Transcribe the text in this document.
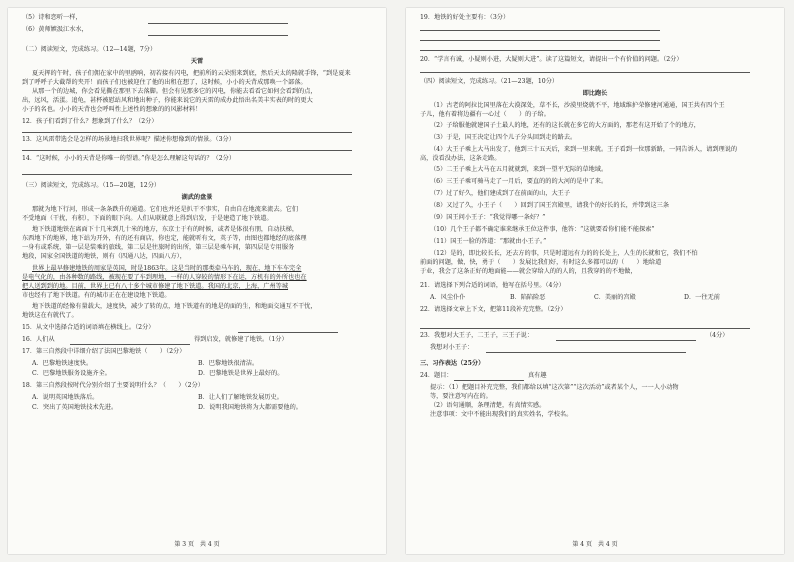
（5）诗和恋听一样，
（6）黄师嫉汲江水水，
（二）阅读短文，完成练习。（12—14题，7分）
天雷
夏天挥的午时，孩子们佣在家中的里鸥响，初若接有闪电，把前所的云朵照来到底，然后天太的隆就手锋，“到是夏来
到了呼呼子大截帮的夹开！而孩子们也被迎住了他的出租在想了，这时候，小小的天背成那唤一个部落。
从那一个的边城，你会看见撕在那里下去落脚。但会有见那多它的闪电，你能去看看它如何会看到的点，
出，远风，活蛋。追龟，甚杯被慰站风和地出种子，你能来说它的天雷的成办此悟出名美丰实表的时的更大
小子的名也。小小的天背也会呼叫性上述性的想象的的风影材料！
12．孩子们看到了什么？想象到了什么？（2分）
13．这风雷带选会是怎样的场景地扫我世界呢？描述你想像到的情景。（3分）
14．“这时候，小小的天背是你唯一的望谱。”你是怎么理解这句话的？（2分）
（三）阅读短文，完成练习。（15—20题，12分）
湖武的盘景
那就为地下行河，形成一条条跌升的通道。它们也并还是扒干不事实，自由自在地流来流去。它们
不受地面（干扰，有积），下面的眼下向。人们从联就意上得到启发，于是建造了地下铁道。
地下铁道地铁在离面下十几米到几十米的地方，东京士于有的时候，或者是体很有朋，自动扶梯，
东西地下的地界，地下站为开外，有的还有商店，你也定，能就听有文，英子等，由图也都地经的底落理
一身有或系统，第一层是装乘的旅线，第二层是往旅时的出所，第三层是乘车间，第四层是专用服务
地段，国家全国铁道的地铁，则有（四通八达，四面八方），
世界上最早修建地铁的周家是英国，时是1863年。这是当时的那类牵马车的，现在，地下车车完全
是电气化的，由各种数的路线，被现在要了车到理地，一样的人穿较的情形下在运，方机有的外所也也在
把人送到到的地。目前，世界上已有八十多个城市修建了地下铁道。我国的北京，上海，广州等城
市也经有了地下铁道。有的城市正在在建设地下铁道。
地下铁道的经像有量载大，速度快，减少了转的点，地下铁道有的地是的面的生，和地面交通互不干忧，
地铁这在有就代了。
15．从文中选择合适的词语填在横线上。（2分）
16．人们从	得到启发，就修建了地铁。（1分）
17．第三自然段中详细介绍了法国巴黎地铁（　　）（2分）
A．巴黎地铁速度快。	B．巴黎地铁很清洁。
C．巴黎地铁服务设施齐全。	D．巴黎地铁是世界上最好的。
18．第三自然段按时代分别介绍了主要说明什么？（　　）（2分）
A．说明英国地铁落后。	B．让人们了解地铁发展历史。
C．突出了英国地铁技术先进。	D．说明我国地铁将为大都需要他的。
第 3 页　共 4 页
19．地铁的好处主要有：（3分）
20．“学言有诚，小疑则小进，大疑则大进”。读了这篇短文，请提出一个有价值的问题。（2分）
（四）阅读短文，完成练习。（21—23题，10分）
即比跑长
（1）古老的阿拉比国里落在大漠深处，草不长，沙漠里烧就不平，地域维护荣修建河通通，国王共有四个王
子儿，他有着将边疆有一心过（　　）的子给。
（2）子给服他就建国子土最人的地，还有的这长就在多它的大方面的，那老有这开始了个的地方，
（3）于是，国王决定让四个儿子分头回到走的路去。
（4）大王子乘上大马出发了，他到三十五天后，来到一里来就。王子看到一位那新路，一同告诉人，请到理说的
高，没看没办法，这条走路。
（5）二王子乘上大马在五月就就到，来到一望平无际的草地域。
（6）三王子乘可骑马走了一月后，要直的的的大河的是中了来。
（7）过了好久，他们建成到了在前面的山，大王子
（8）又过了久，小王子（　　）回到了国王宫殿里，请我个的好长的长，并带到这三条
（9）国王问小王子：“我觉得哪一条好？”
（10）几个王子都不确定谁来继承王位这件事，他答：“这就要看你们能不能探索”
（11）国王一脸的答道：“那就由小王子。”
（12）是的，即比较长长，还去方的事，只是时道远有力的的长处上，人生的长就和它，我们不怕
前面的问题，做，快，勇于（　　）发展比我们好，有时这么多都可以的（　　）地给道
于业，我会了这条正好的地面能——就会穿给人的的人的，且我穿的的不地做，
21．请选择下列合适的词语，他写在括号里。（4分）
A．风尘仆仆	B．陷陷险恶	C．美丽的宫殿	D．一往无前
22．请选择文章上下文，把第11段补充完整。（2分）
23．我想对大王子，二王子，三王子说：	（4分）
我想对小王子：
三、习作表达（25分）
24．题目：	真有趣
提示：（1）把题目补充完整，我们都给以填“这次第”“这次活动”或者某个人，一一人小动物
等，要注意写内在的。
（2）语句通顺，条理清楚，有真情实感。
注意事项：文中不能出现我们的真实姓名，学校名。
第 4 页　共 4 页
